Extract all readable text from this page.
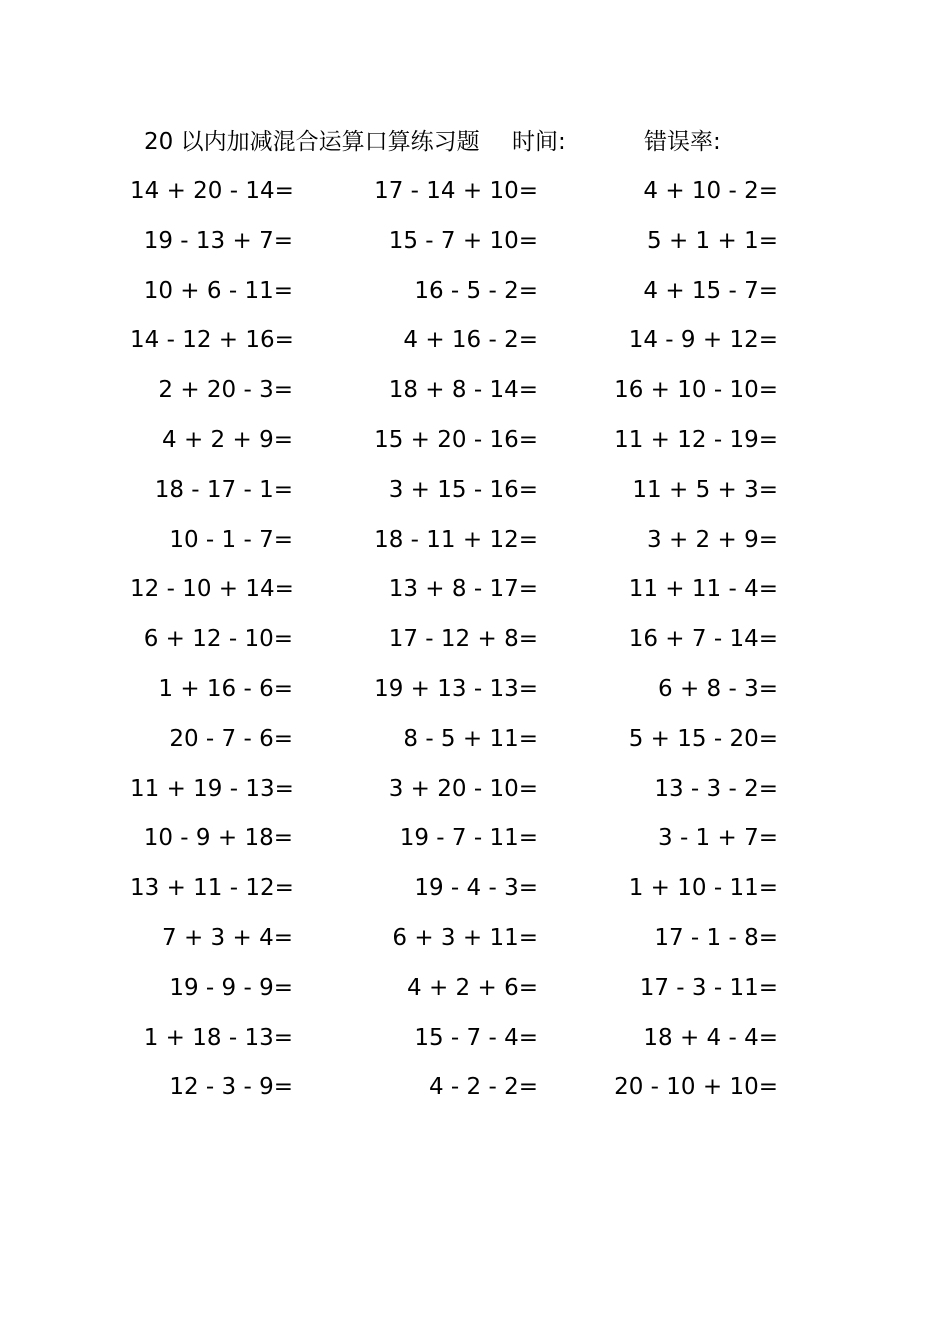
20 以内加减混合运算口算练习题 时间:	错误率:
14 + 20 - 14=	17 - 14 + 10=	4 + 10 - 2=
19 - 13 + 7=	15 - 7 + 10=	5 + 1 + 1=
10 + 6 - 11=	16 - 5 - 2=	4 + 15 - 7=
14 - 12 + 16=	4 + 16 - 2=	14 - 9 + 12=
2 + 20 - 3=	18 + 8 - 14=	16 + 10 - 10=
4 + 2 + 9=	15 + 20 - 16=	11 + 12 - 19=
18 - 17 - 1=	3 + 15 - 16=	11 + 5 + 3=
10 - 1 - 7=	18 - 11 + 12=	3 + 2 + 9=
12 - 10 + 14=	13 + 8 - 17=	11 + 11 - 4=
6 + 12 - 10=	17 - 12 + 8=	16 + 7 - 14=
1 + 16 - 6=	19 + 13 - 13=	6 + 8 - 3=
20 - 7 - 6=	8 - 5 + 11=	5 + 15 - 20=
11 + 19 - 13=	3 + 20 - 10=	13 - 3 - 2=
10 - 9 + 18=	19 - 7 - 11=	3 - 1 + 7=
13 + 11 - 12=	19 - 4 - 3=	1 + 10 - 11=
7 + 3 + 4=	6 + 3 + 11=	17 - 1 - 8=
19 - 9 - 9=	4 + 2 + 6=	17 - 3 - 11=
1 + 18 - 13=	15 - 7 - 4=	18 + 4 - 4=
12 - 3 - 9=	4 - 2 - 2=	20 - 10 + 10=
